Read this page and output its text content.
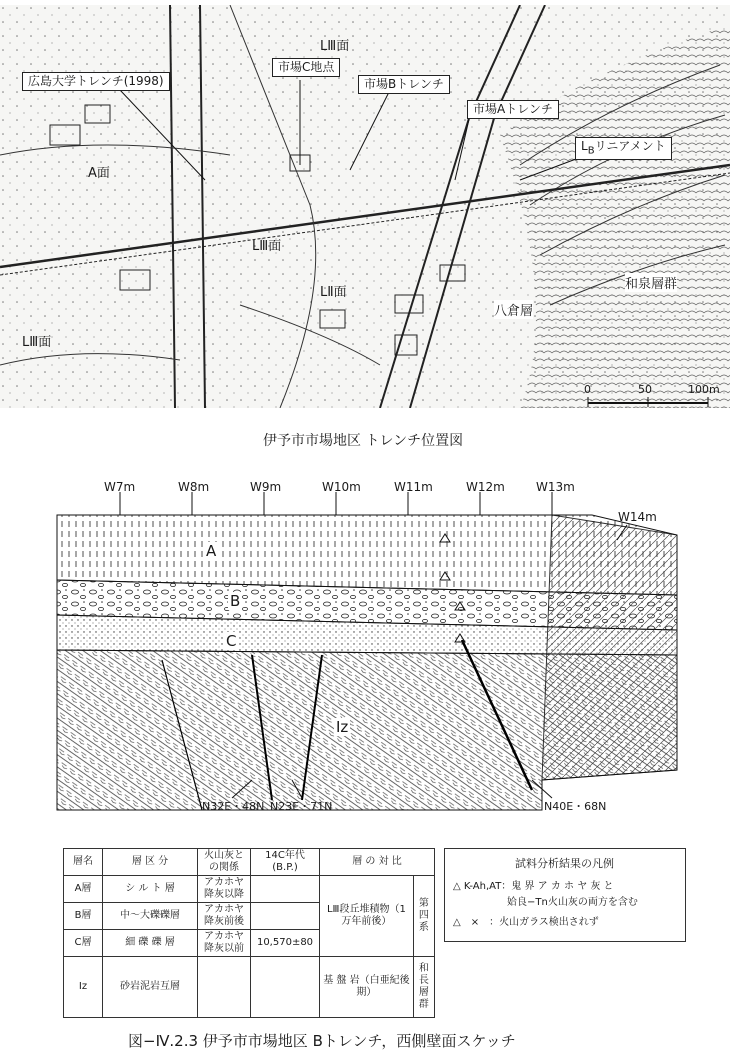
広島大学トレンチ(1998)
市場C地点
市場Bトレンチ
市場Aトレンチ
$L_B$リニアメント
LⅢ面
A面
LⅢ面
LⅡ面
LⅢ面
和泉層群
八倉層
0	50	100m
伊予市市場地区 トレンチ位置図
W7m	W8m	W9m	W10m	W11m	W12m	W13m
W14m
A
B
C
Iz
N32E・48N N23E・71N	N40E・68N
層名	層 区 分	火山灰との関係	14C年代(B.P.)	層 の 対 比	
A層	シ ル ト 層	アカホヤ降灰以降		LⅢ段丘堆積物（1万年前後）	第四系
B層	中〜大礫礫層	アカホヤ降灰前後			
C層	細 礫 礫 層	アカホヤ降灰以前	10,570±80		
Iz	砂岩泥岩互層			基 盤 岩（白亜紀後期）	和長層群
試料分析結果の凡例
△ K-Ah,AT：鬼 界 ア カ ホ ヤ 灰 と
姶良−Tn火山灰の両方を含む
△　×　：火山ガラス検出されず
図−Ⅳ.2.3 伊予市市場地区 Bトレンチ，西側壁面スケッチ
